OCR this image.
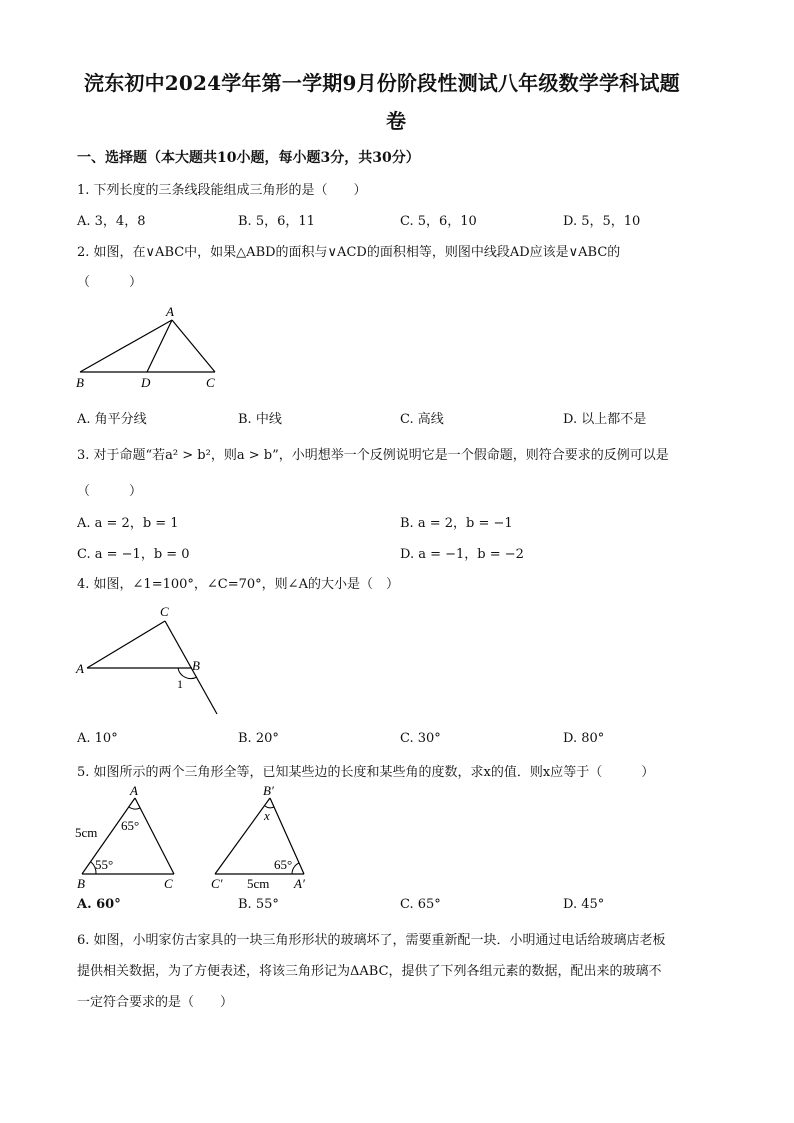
浣东初中2024学年第一学期9月份阶段性测试八年级数学学科试题
卷
一、选择题（本大题共10小题，每小题3分，共30分）
1. 下列长度的三条线段能组成三角形的是（　　）
A. 3，4，8	B. 5，6，11	C. 5，6，10	D. 5，5，10
2. 如图，在∨ABC中，如果△ABD的面积与∨ACD的面积相等，则图中线段AD应该是∨ABC的
（　　　）
A
B	D	C
A. 角平分线	B. 中线	C. 高线	D. 以上都不是
3. 对于命题“若a² > b²，则a > b”，小明想举一个反例说明它是一个假命题，则符合要求的反例可以是
（　　　）
A. a = 2，b = 1	B. a = 2，b = −1
C. a = −1，b = 0	D. a = −1，b = −2
4. 如图，∠1=100°，∠C=70°，则∠A的大小是（　）
C
A	B
1
A. 10°	B. 20°	C. 30°	D. 80°
5. 如图所示的两个三角形全等，已知某些边的长度和某些角的度数，求x的值．则x应等于（　　　）
A
65°
5cm
55°
B	C
B′
x
65°
C′ 5cm A′
A. 60°	B. 55°	C. 65°	D. 45°
6. 如图，小明家仿古家具的一块三角形形状的玻璃坏了，需要重新配一块．小明通过电话给玻璃店老板
提供相关数据，为了方便表述，将该三角形记为ΔABC，提供了下列各组元素的数据，配出来的玻璃不
一定符合要求的是（　　）
